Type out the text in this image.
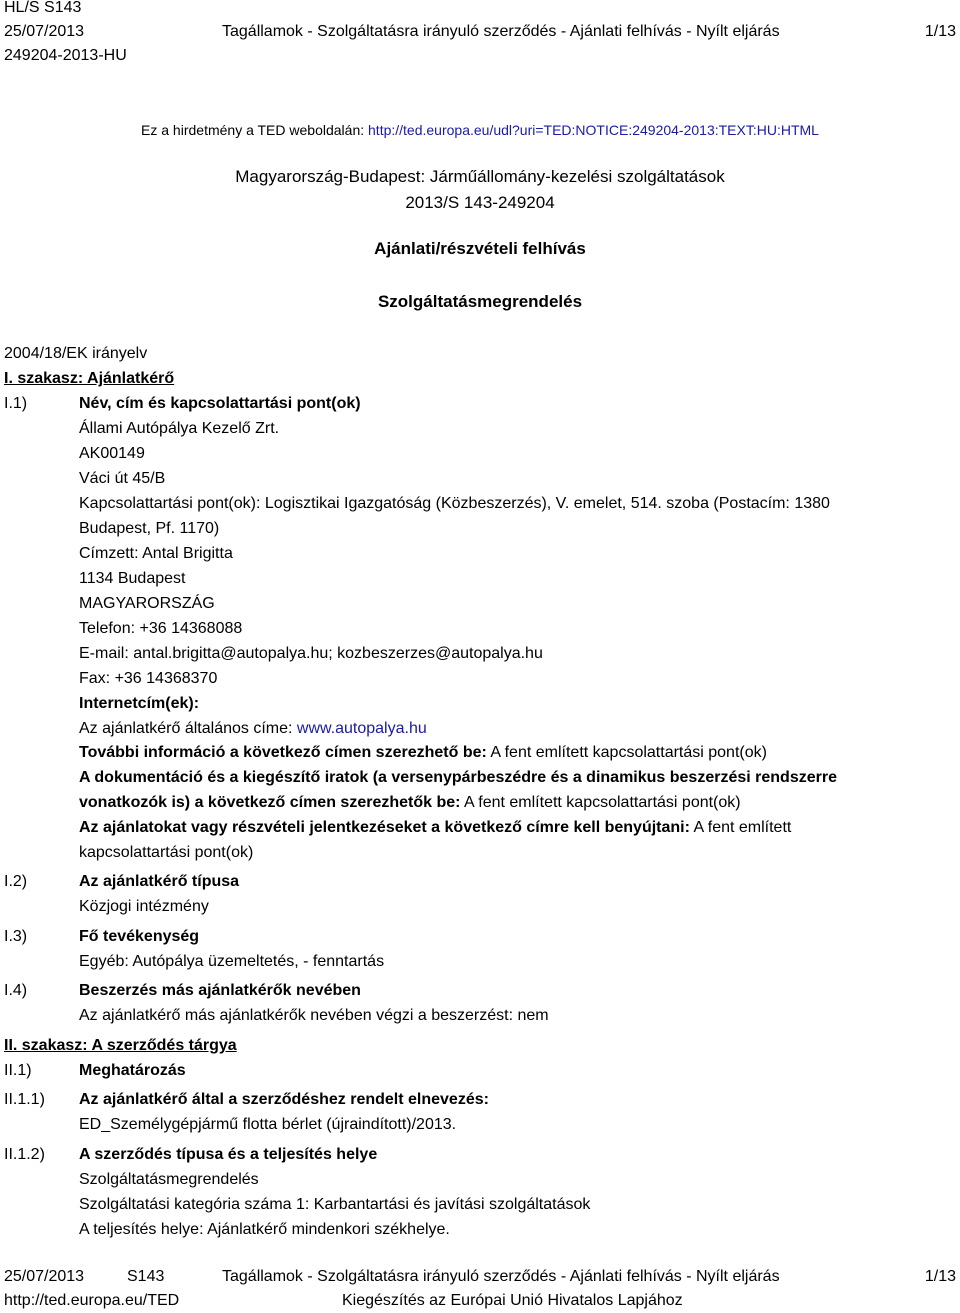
HL/S S143
25/07/2013
249204-2013-HU
Tagállamok - Szolgáltatásra irányuló szerződés - Ajánlati felhívás - Nyílt eljárás	1/13
Ez a hirdetmény a TED weboldalán: http://ted.europa.eu/udl?uri=TED:NOTICE:249204-2013:TEXT:HU:HTML
Magyarország-Budapest: Járműállomány-kezelési szolgáltatások
2013/S 143-249204
Ajánlati/részvételi felhívás
Szolgáltatásmegrendelés
2004/18/EK irányelv
I. szakasz: Ajánlatkérő
I.1)	Név, cím és kapcsolattartási pont(ok)
Állami Autópálya Kezelő Zrt.
AK00149
Váci út 45/B
Kapcsolattartási pont(ok): Logisztikai Igazgatóság (Közbeszerzés), V. emelet, 514. szoba (Postacím: 1380
Budapest, Pf. 1170)
Címzett: Antal Brigitta
1134 Budapest
MAGYARORSZÁG
Telefon: +36 14368088
E-mail: antal.brigitta@autopalya.hu; kozbeszerzes@autopalya.hu
Fax: +36 14368370
Internetcím(ek):
Az ajánlatkérő általános címe: www.autopalya.hu
További információ a következő címen szerezhető be: A fent említett kapcsolattartási pont(ok)
A dokumentáció és a kiegészítő iratok (a versenypárbeszédre és a dinamikus beszerzési rendszerre
vonatkozók is) a következő címen szerezhetők be: A fent említett kapcsolattartási pont(ok)
Az ajánlatokat vagy részvételi jelentkezéseket a következő címre kell benyújtani: A fent említett
kapcsolattartási pont(ok)
I.2)	Az ajánlatkérő típusa
Közjogi intézmény
I.3)	Fő tevékenység
Egyéb: Autópálya üzemeltetés, - fenntartás
I.4)	Beszerzés más ajánlatkérők nevében
Az ajánlatkérő más ajánlatkérők nevében végzi a beszerzést: nem
II. szakasz: A szerződés tárgya
II.1)	Meghatározás
II.1.1) Az ajánlatkérő által a szerződéshez rendelt elnevezés:
ED_Személygépjármű flotta bérlet (újraindított)/2013.
II.1.2) A szerződés típusa és a teljesítés helye
Szolgáltatásmegrendelés
Szolgáltatási kategória száma 1: Karbantartási és javítási szolgáltatások
A teljesítés helye: Ajánlatkérő mindenkori székhelye.
25/07/2013	S143	Tagállamok - Szolgáltatásra irányuló szerződés - Ajánlati felhívás - Nyílt eljárás	1/13
http://ted.europa.eu/TED	Kiegészítés az Európai Unió Hivatalos Lapjához
